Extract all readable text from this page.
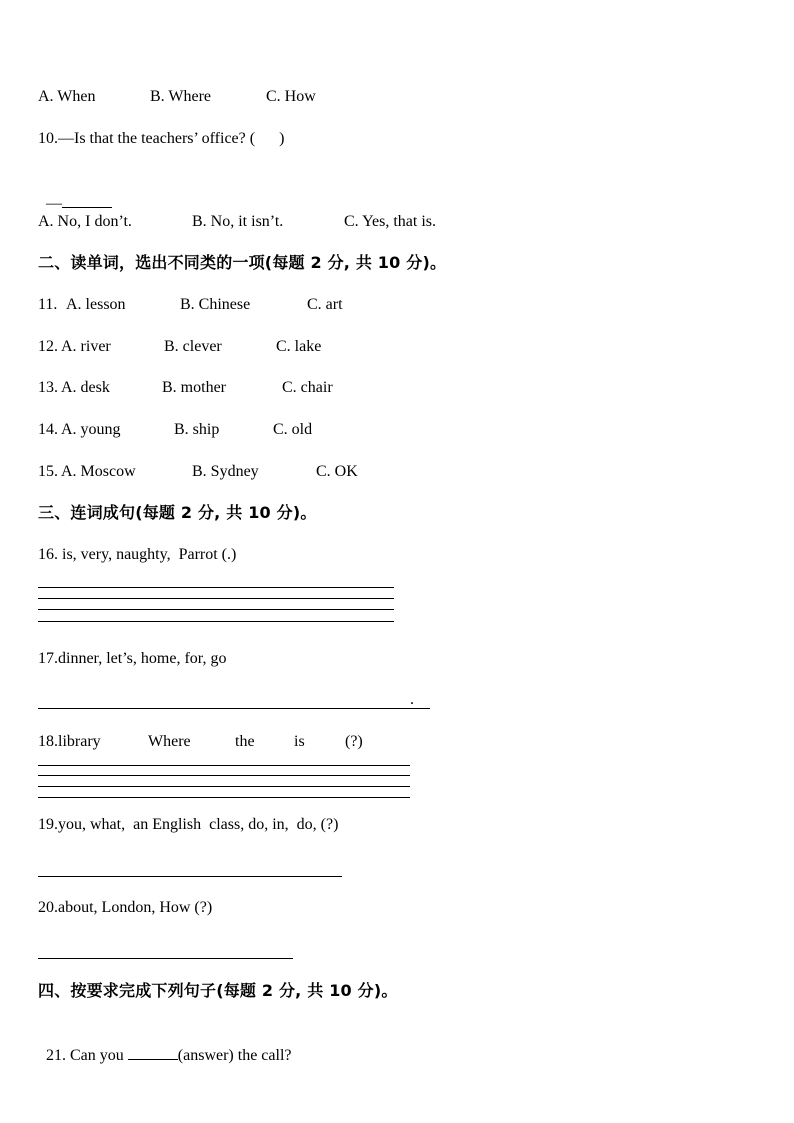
A. When	B. Where	C. How
10.—Is that the teachers’ office? (      )

—

A. No, I don’t.	B. No, it isn’t.	C. Yes, that is.
二、读单词，选出不同类的一项(每题 2 分, 共 10 分)。
11. A. lesson	B. Chinese	C. art
12. A. river	B. clever	C. lake
13. A. desk	B. mother	C. chair
14. A. young	B. ship	C. old
15. A. Moscow	B. Sydney	C. OK
三、连词成句(每题 2 分, 共 10 分)。
16. is, very, naughty,  Parrot (.)
17.dinner, let’s, home, for, go
.
18.library	Where	the is	(?)
19.you, what,  an English  class, do, in,  do, (?)
20.about, London, How (?)
四、按要求完成下列句子(每题 2 分, 共 10 分)。

21. Can you	(answer) the call?
